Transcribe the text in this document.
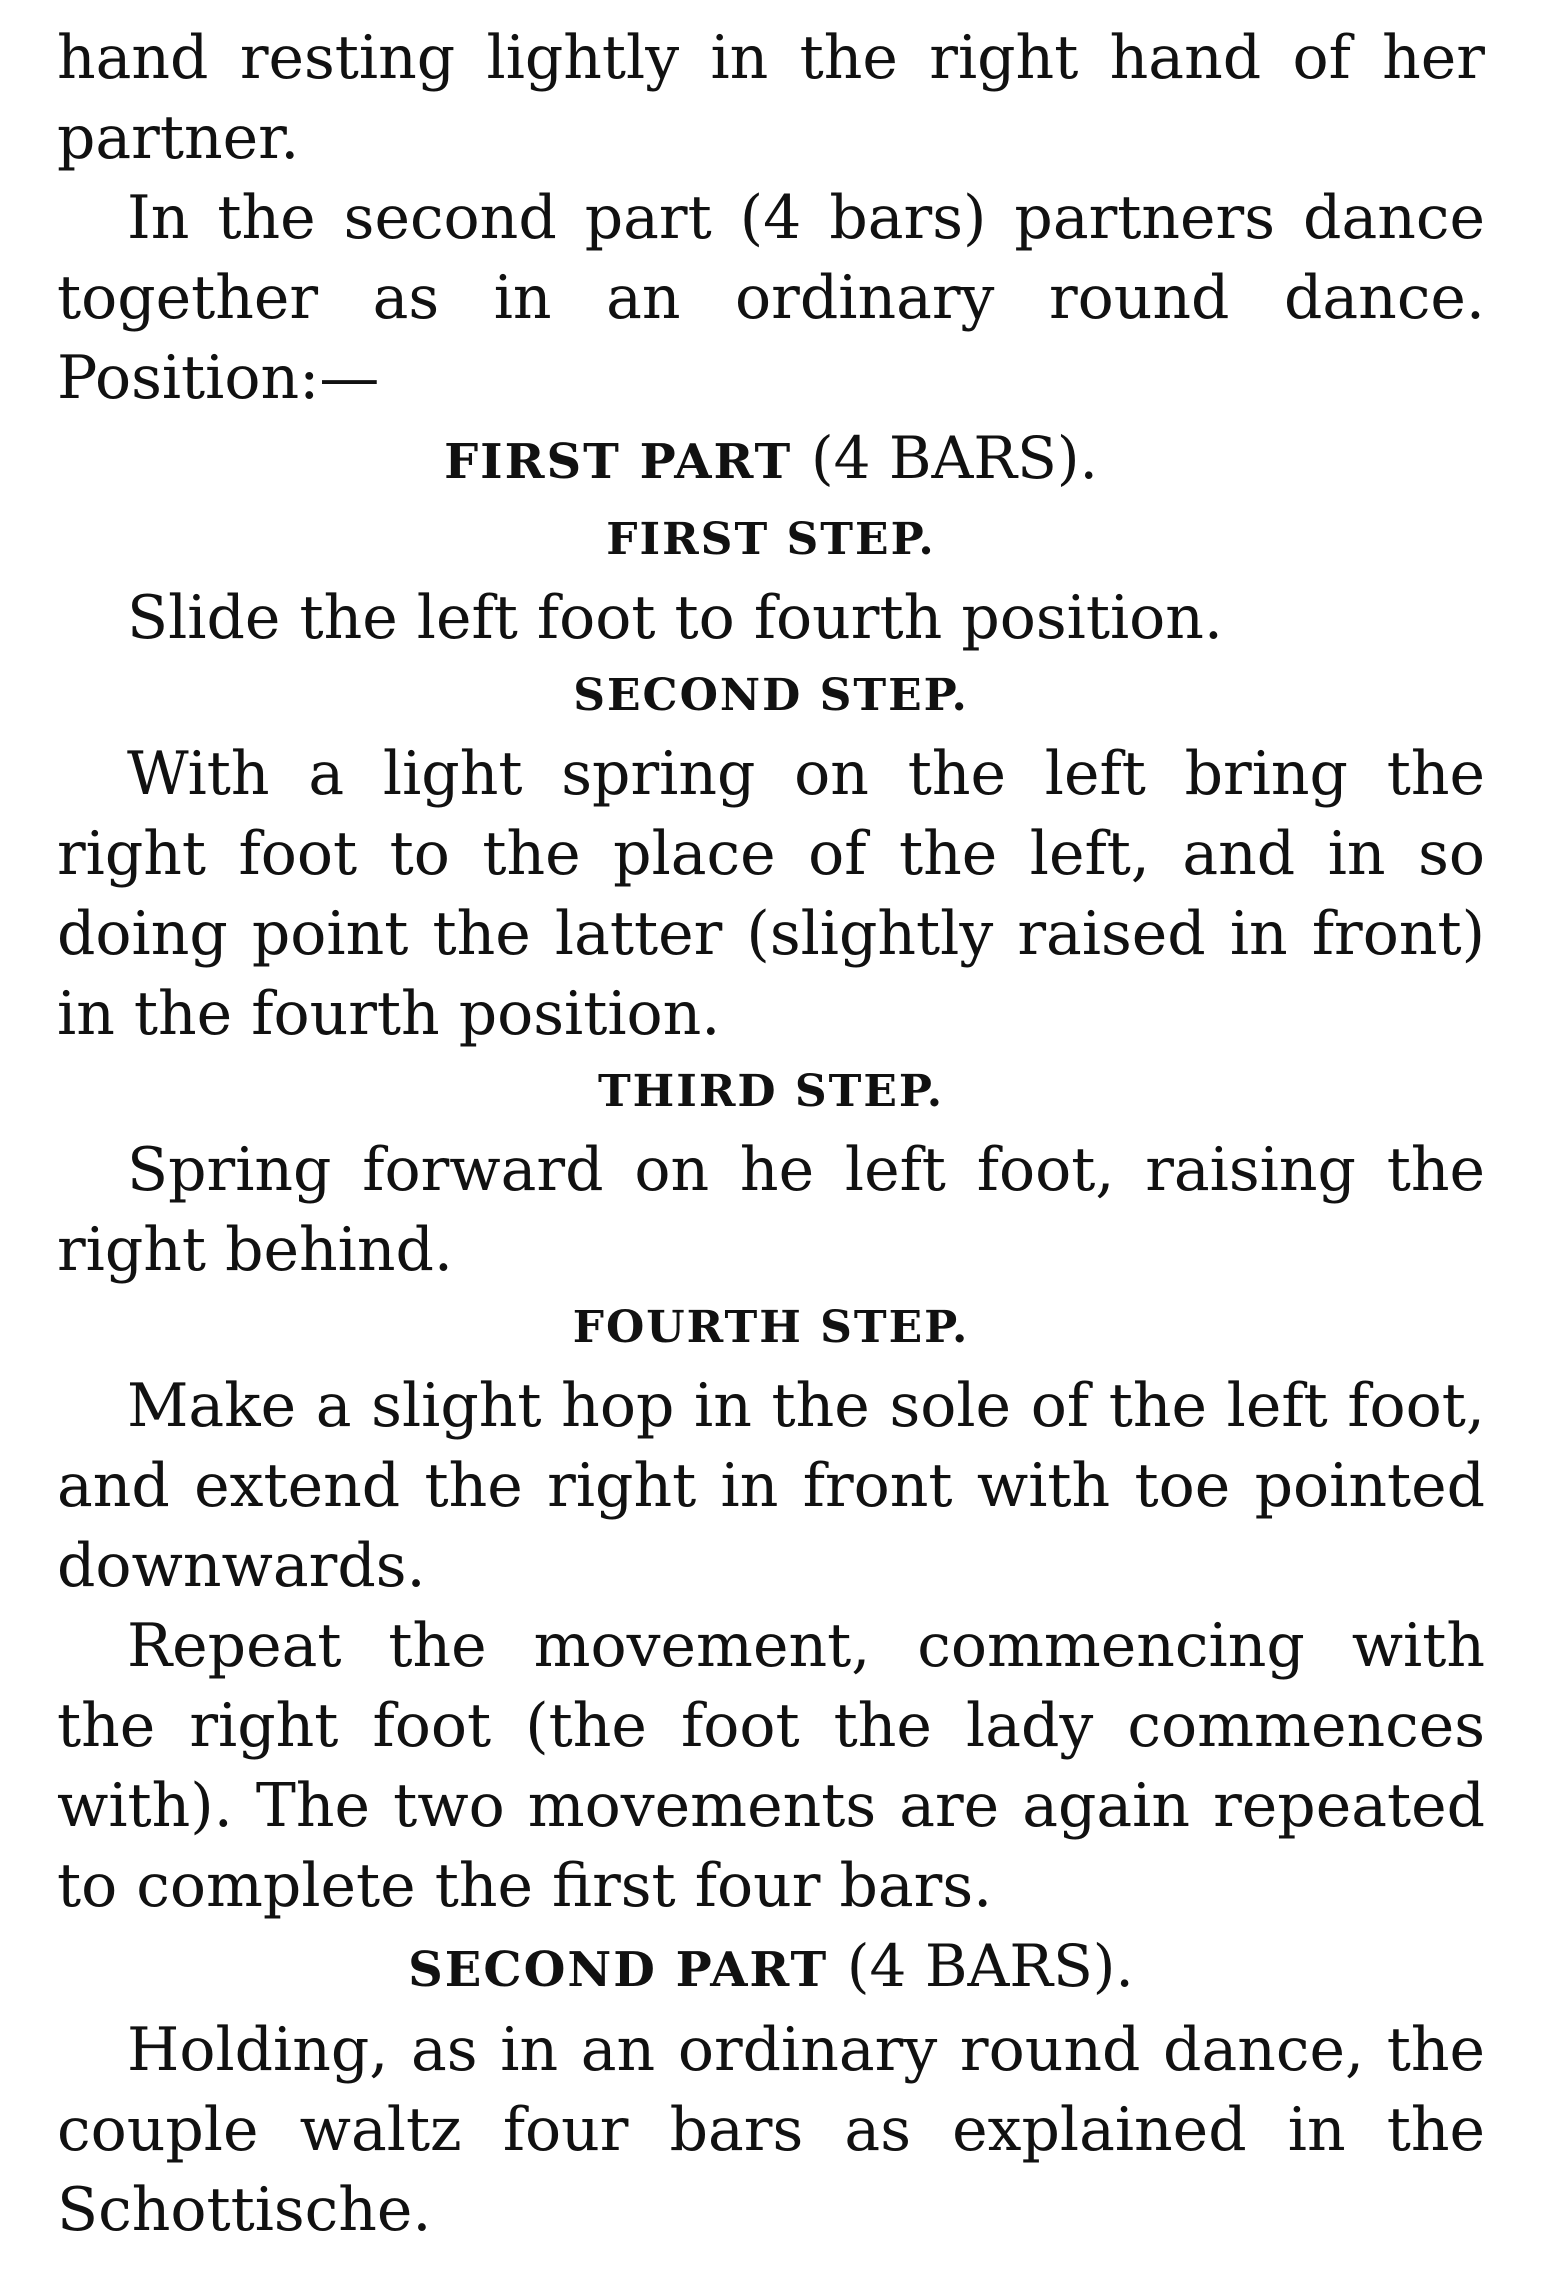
hand resting lightly in the right hand of her partner.

In the second part (4 bars) partners dance together as in an ordinary round dance. Position:—

FIRST PART (4 BARS).

FIRST STEP.

Slide the left foot to fourth position.

SECOND STEP.

With a light spring on the left bring the right foot to the place of the left, and in so doing point the latter (slightly raised in front) in the fourth position.

THIRD STEP.

Spring forward on he left foot, raising the right behind.

FOURTH STEP.

Make a slight hop in the sole of the left foot, and extend the right in front with toe pointed downwards.

Repeat the movement, commencing with the right foot (the foot the lady commences with). The two movements are again repeated to complete the first four bars.

SECOND PART (4 BARS).

Holding, as in an ordinary round dance, the couple waltz four bars as explained in the Schottische.
